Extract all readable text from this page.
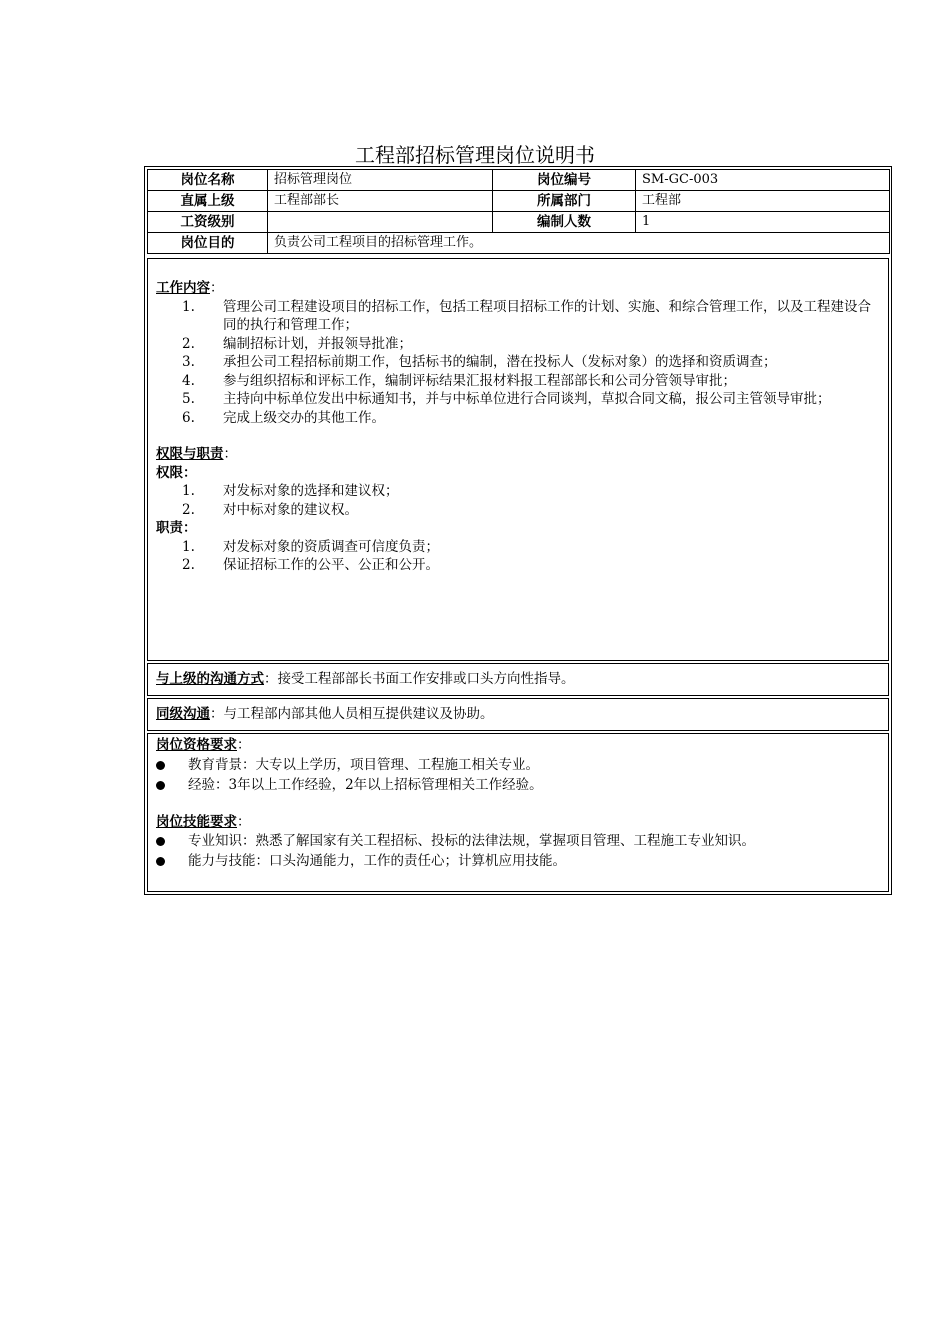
工程部招标管理岗位说明书
岗位名称	招标管理岗位	岗位编号	SM-GC-003
直属上级	工程部部长	所属部门	工程部
工资级别		编制人数	1
岗位目的	负责公司工程项目的招标管理工作。		
工作内容：
1.	管理公司工程建设项目的招标工作，包括工程项目招标工作的计划、实施、和综合管理工作，以及工程建设合同的执行和管理工作；
2.	编制招标计划，并报领导批准；
3.	承担公司工程招标前期工作，包括标书的编制，潜在投标人（发标对象）的选择和资质调查；
4.	参与组织招标和评标工作，编制评标结果汇报材料报工程部部长和公司分管领导审批；
5.	主持向中标单位发出中标通知书，并与中标单位进行合同谈判，草拟合同文稿，报公司主管领导审批；
6.	完成上级交办的其他工作。
权限与职责：
权限：
1.	对发标对象的选择和建议权；
2.	对中标对象的建议权。
职责：
1.	对发标对象的资质调查可信度负责；
2.	保证招标工作的公平、公正和公开。
与上级的沟通方式：接受工程部部长书面工作安排或口头方向性指导。
同级沟通：与工程部内部其他人员相互提供建议及协助。
岗位资格要求：
教育背景：大专以上学历，项目管理、工程施工相关专业。
经验：3年以上工作经验，2年以上招标管理相关工作经验。
岗位技能要求：
专业知识：熟悉了解国家有关工程招标、投标的法律法规，掌握项目管理、工程施工专业知识。
能力与技能：口头沟通能力，工作的责任心；计算机应用技能。
